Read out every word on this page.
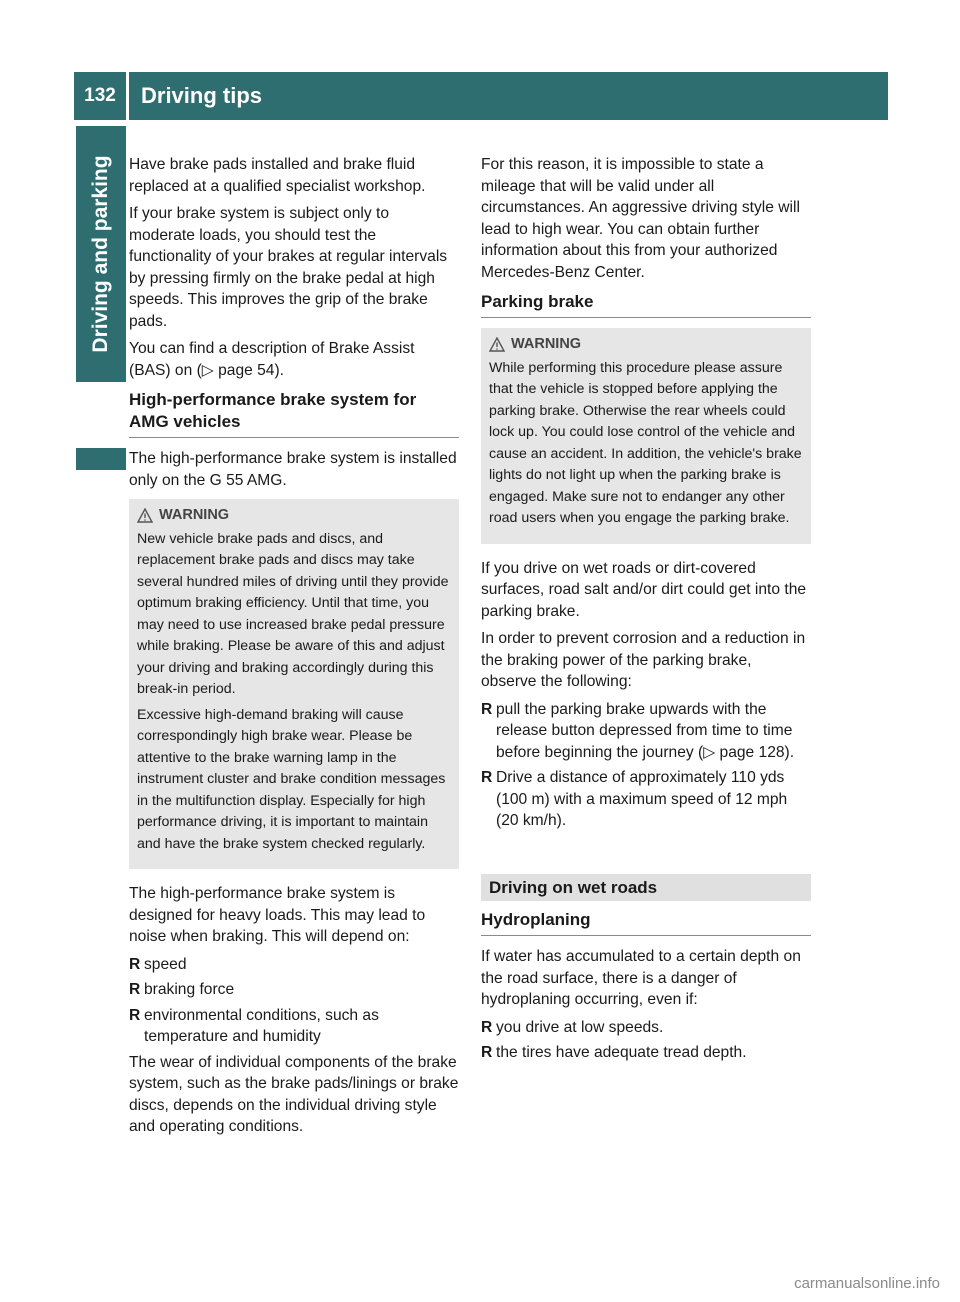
132	Driving tips
Driving and parking Have brake pads installed and brake fluid replaced at a qualified specialist workshop.

If your brake system is subject only to moderate loads, you should test the functionality of your brakes at regular intervals by pressing firmly on the brake pedal at high speeds. This improves the grip of the brake pads.

You can find a description of Brake Assist (BAS) on (▷ page 54).

High-performance brake system for AMG vehicles

The high-performance brake system is installed only on the G 55 AMG.

WARNING

New vehicle brake pads and discs, and replacement brake pads and discs may take several hundred miles of driving until they provide optimum braking efficiency. Until that time, you may need to use increased brake pedal pressure while braking. Please be aware of this and adjust your driving and braking accordingly during this break-in period.

Excessive high-demand braking will cause correspondingly high brake wear. Please be attentive to the brake warning lamp in the instrument cluster and brake condition messages in the multifunction display. Especially for high performance driving, it is important to maintain and have the brake system checked regularly.

The high-performance brake system is designed for heavy loads. This may lead to noise when braking. This will depend on:

R speed
R braking force
R environmental conditions, such as temperature and humidity

The wear of individual components of the brake system, such as the brake pads/linings or brake discs, depends on the individual driving style and operating conditions.

For this reason, it is impossible to state a mileage that will be valid under all circumstances. An aggressive driving style will lead to high wear. You can obtain further information about this from your authorized Mercedes-Benz Center.

Parking brake
WARNING

While performing this procedure please assure that the vehicle is stopped before applying the parking brake. Otherwise the rear wheels could lock up. You could lose control of the vehicle and cause an accident. In addition, the vehicle's brake lights do not light up when the parking brake is engaged. Make sure not to endanger any other road users when you engage the parking brake.

If you drive on wet roads or dirt-covered surfaces, road salt and/or dirt could get into the parking brake.

In order to prevent corrosion and a reduction in the braking power of the parking brake, observe the following:

R pull the parking brake upwards with the release button depressed from time to time before beginning the journey (▷ page 128).
R Drive a distance of approximately 110 yds (100 m) with a maximum speed of 12 mph (20 km/h).
Driving on wet roads
Hydroplaning

If water has accumulated to a certain depth on the road surface, there is a danger of hydroplaning occurring, even if:

R you drive at low speeds.
R the tires have adequate tread depth.
carmanualsonline.info
